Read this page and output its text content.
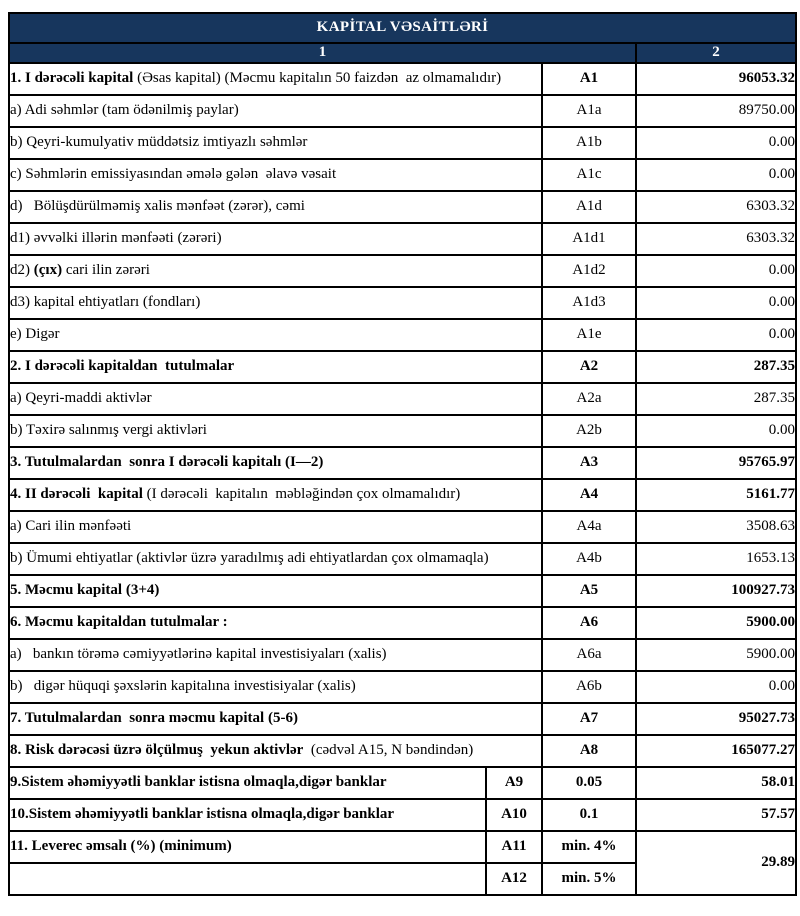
KAPİTAL VƏSAİTLƏRİ			
1			2
1. I dərəcəli kapital (Əsas kapital) (Məcmu kapitalın 50 faizdən  az olmamalıdır)		A1	96053.32
a) Adi səhmlər (tam ödənilmiş paylar)		A1a	89750.00
b) Qeyri-kumulyativ müddətsiz imtiyazlı səhmlər		A1b	0.00
c) Səhmlərin emissiyasından əmələ gələn  əlavə vəsait		A1c	0.00
d)   Bölüşdürülməmiş xalis mənfəət (zərər), cəmi		A1d	6303.32
d1) əvvəlki illərin mənfəəti (zərəri)		A1d1	6303.32
d2) (çıx) cari ilin zərəri		A1d2	0.00
d3) kapital ehtiyatları (fondları)		A1d3	0.00
e) Digər		A1e	0.00
2. I dərəcəli kapitaldan  tutulmalar		A2	287.35
a) Qeyri-maddi aktivlər		A2a	287.35
b) Təxirə salınmış vergi aktivləri		A2b	0.00
3. Tutulmalardan  sonra I dərəcəli kapitalı (I—2)		A3	95765.97
4. II dərəcəli  kapital (I dərəcəli  kapitalın  məbləğindən çox olmamalıdır)		A4	5161.77
a) Cari ilin mənfəəti		A4a	3508.63
b) Ümumi ehtiyatlar (aktivlər üzrə yaradılmış adi ehtiyatlardan çox olmamaqla)		A4b	1653.13
5. Məcmu kapital (3+4)		A5	100927.73
6. Məcmu kapitaldan tutulmalar :		A6	5900.00
a)   bankın törəmə cəmiyyətlərinə kapital investisiyaları (xalis)		A6a	5900.00
b)   digər hüquqi şəxslərin kapitalına investisiyalar (xalis)		A6b	0.00
7. Tutulmalardan  sonra məcmu kapital (5-6)		A7	95027.73
8. Risk dərəcəsi üzrə ölçülmuş  yekun aktivlər  (cədvəl A15, N bəndindən)		A8	165077.27
9.Sistem əhəmiyyətli banklar istisna olmaqla,digər banklar	A9	0.05	58.01
10.Sistem əhəmiyyətli banklar istisna olmaqla,digər banklar	A10	0.1	57.57
11. Leverec əmsalı (%) (minimum)	A11	min. 4%	29.89
	A12	min. 5%	
